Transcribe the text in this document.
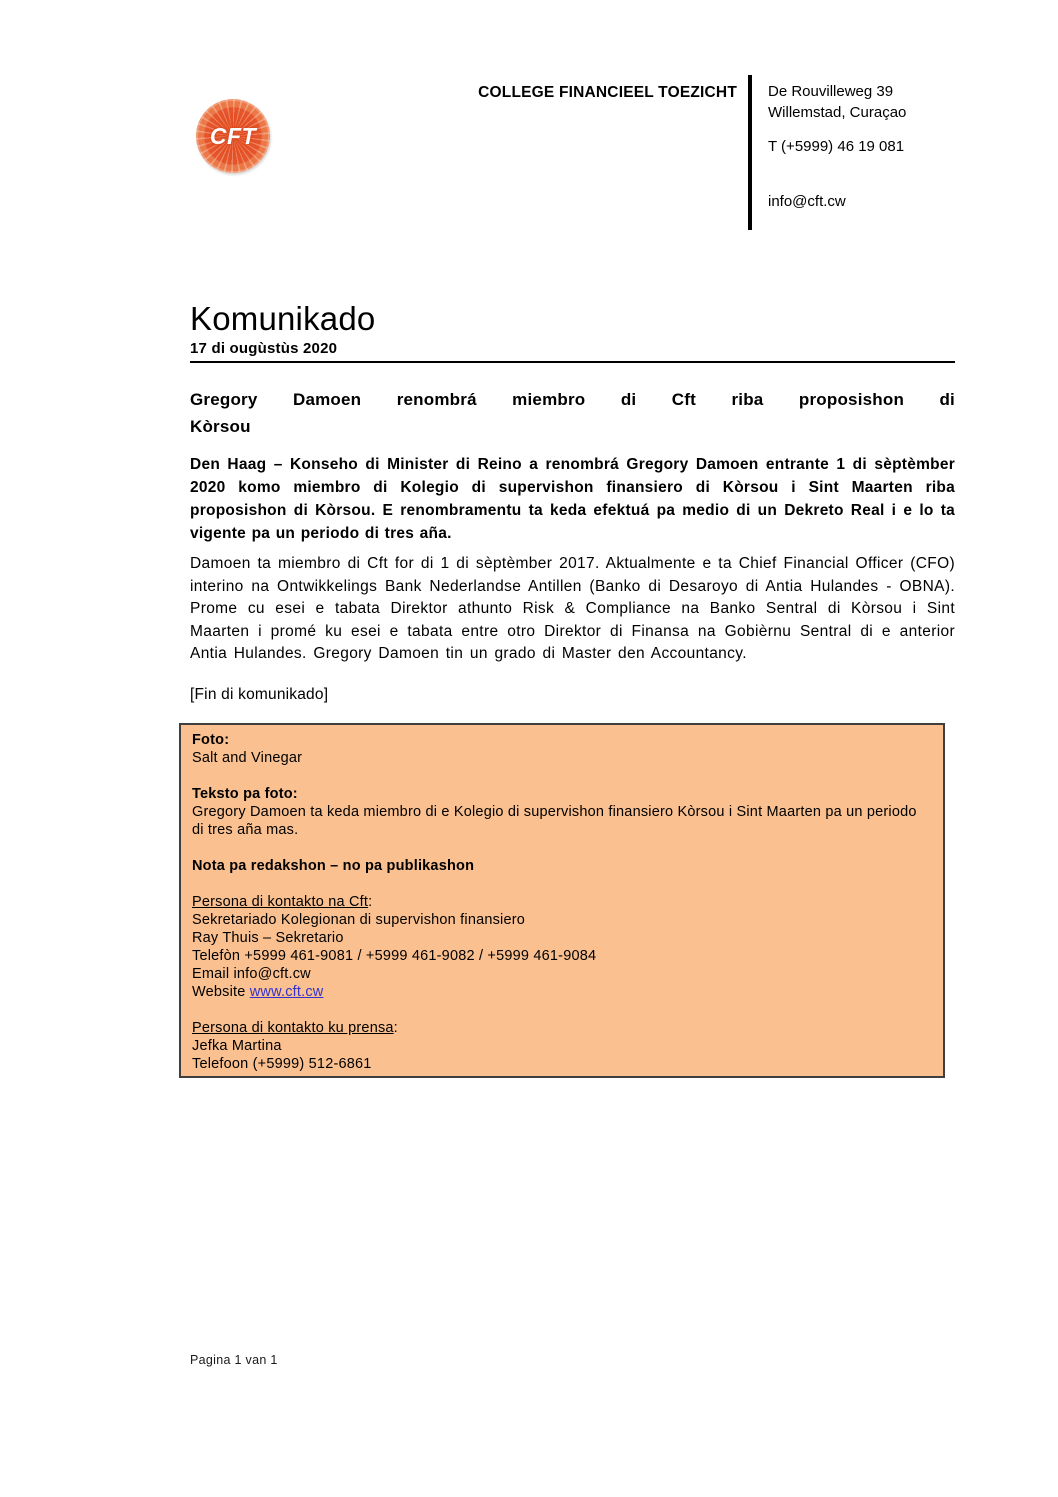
CFT
COLLEGE FINANCIEEL TOEZICHT De Rouvilleweg 39
Willemstad, Curaçao
T (+5999) 46 19 081
info@cft.cw
Komunikado
17 di ougùstùs 2020
Gregory Damoen renombrá miembro di Cft riba proposishon di
Kòrsou
Den Haag – Konseho di Minister di Reino a renombrá Gregory Damoen entrante 1 di sèptèmber 2020 komo miembro di Kolegio di supervishon finansiero di Kòrsou i Sint Maarten riba proposishon di Kòrsou. E renombramentu ta keda efektuá pa medio di un Dekreto Real i e lo ta vigente pa un periodo di tres aña.
Damoen ta miembro di Cft for di 1 di sèptèmber 2017. Aktualmente e ta Chief Financial Officer (CFO) interino na Ontwikkelings Bank Nederlandse Antillen (Banko di Desaroyo di Antia Hulandes - OBNA). Prome cu esei e tabata Direktor athunto Risk & Compliance na Banko Sentral di Kòrsou i Sint Maarten i promé ku esei e tabata entre otro Direktor di Finansa na Gobièrnu Sentral di e anterior Antia Hulandes. Gregory Damoen tin un grado di Master den Accountancy.
[Fin di komunikado]
Foto:
Salt and Vinegar
Teksto pa foto:
Gregory Damoen ta keda miembro di e Kolegio di supervishon finansiero Kòrsou i Sint Maarten pa un periodo di tres aña mas.
Nota pa redakshon – no pa publikashon
Persona di kontakto na Cft:
Sekretariado Kolegionan di supervishon finansiero
Ray Thuis – Sekretario
Telefòn +5999 461-9081 / +5999 461-9082 / +5999 461-9084
Email info@cft.cw
Website www.cft.cw
Persona di kontakto ku prensa:
Jefka Martina
Telefoon (+5999) 512-6861
Pagina 1 van 1
